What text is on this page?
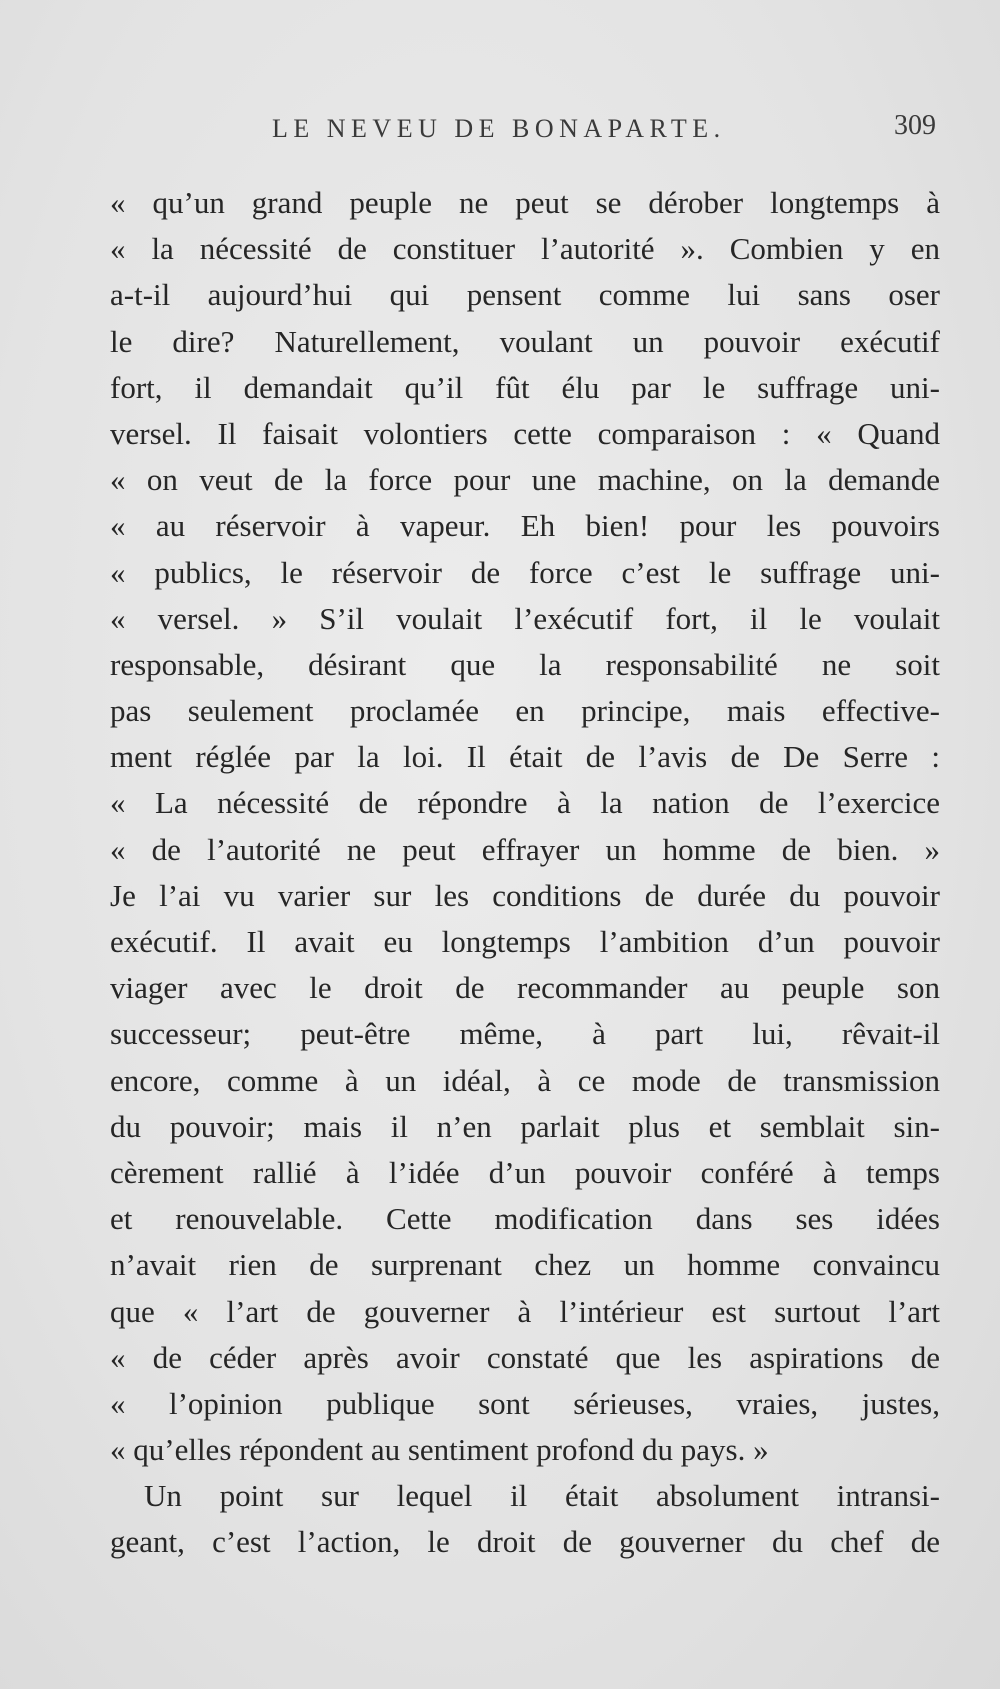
LE NEVEU DE BONAPARTE.	309
« qu’un grand peuple ne peut se dérober longtemps à
« la nécessité de constituer l’autorité ». Combien y en
a-t-il aujourd’hui qui pensent comme lui sans oser
le dire? Naturellement, voulant un pouvoir exécutif
fort, il demandait qu’il fût élu par le suffrage uni-
versel. Il faisait volontiers cette comparaison : « Quand
« on veut de la force pour une machine, on la demande
« au réservoir à vapeur. Eh bien! pour les pouvoirs
« publics, le réservoir de force c’est le suffrage uni-
« versel. » S’il voulait l’exécutif fort, il le voulait
responsable, désirant que la responsabilité ne soit
pas seulement proclamée en principe, mais effective-
ment réglée par la loi. Il était de l’avis de De Serre :
« La nécessité de répondre à la nation de l’exercice
« de l’autorité ne peut effrayer un homme de bien. »
Je l’ai vu varier sur les conditions de durée du pouvoir
exécutif. Il avait eu longtemps l’ambition d’un pouvoir
viager avec le droit de recommander au peuple son
successeur; peut-être même, à part lui, rêvait-il
encore, comme à un idéal, à ce mode de transmission
du pouvoir; mais il n’en parlait plus et semblait sin-
cèrement rallié à l’idée d’un pouvoir conféré à temps
et renouvelable. Cette modification dans ses idées
n’avait rien de surprenant chez un homme convaincu
que « l’art de gouverner à l’intérieur est surtout l’art
« de céder après avoir constaté que les aspirations de
« l’opinion publique sont sérieuses, vraies, justes,
« qu’elles répondent au sentiment profond du pays. »
Un point sur lequel il était absolument intransi-
geant, c’est l’action, le droit de gouverner du chef de
